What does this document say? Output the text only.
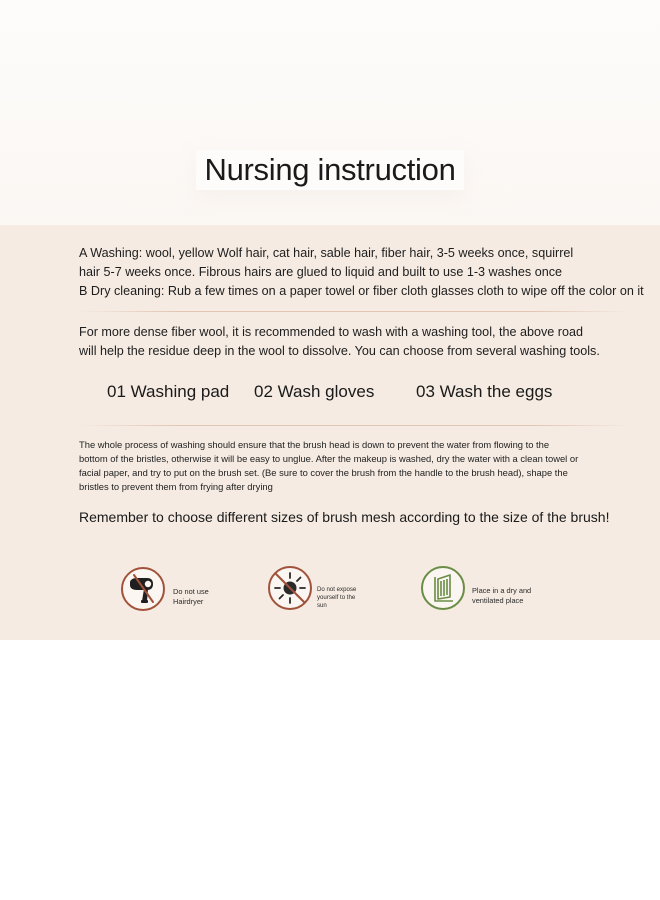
Nursing instruction

A Washing: wool, yellow Wolf hair, cat hair, sable hair, fiber hair, 3-5 weeks once, squirrel
hair 5-7 weeks once. Fibrous hairs are glued to liquid and built to use 1-3 washes once
B Dry cleaning: Rub a few times on a paper towel or fiber cloth glasses cloth to wipe off the color on it

For more dense fiber wool, it is recommended to wash with a washing tool, the above road
will help the residue deep in the wool to dissolve. You can choose from several washing tools.

01 Washing pad 02 Wash gloves 03 Wash the eggs

The whole process of washing should ensure that the brush head is down to prevent the water from flowing to the
bottom of the bristles, otherwise it will be easy to unglue. After the makeup is washed, dry the water with a clean towel or
facial paper, and try to put on the brush set. (Be sure to cover the brush from the handle to the brush head), shape the
bristles to prevent them from frying after drying

Remember to choose different sizes of brush mesh according to the size of the brush!
Do not use
Hairdryer
Do not expose
yourself to the
sun
Place in a dry and
ventilated place
